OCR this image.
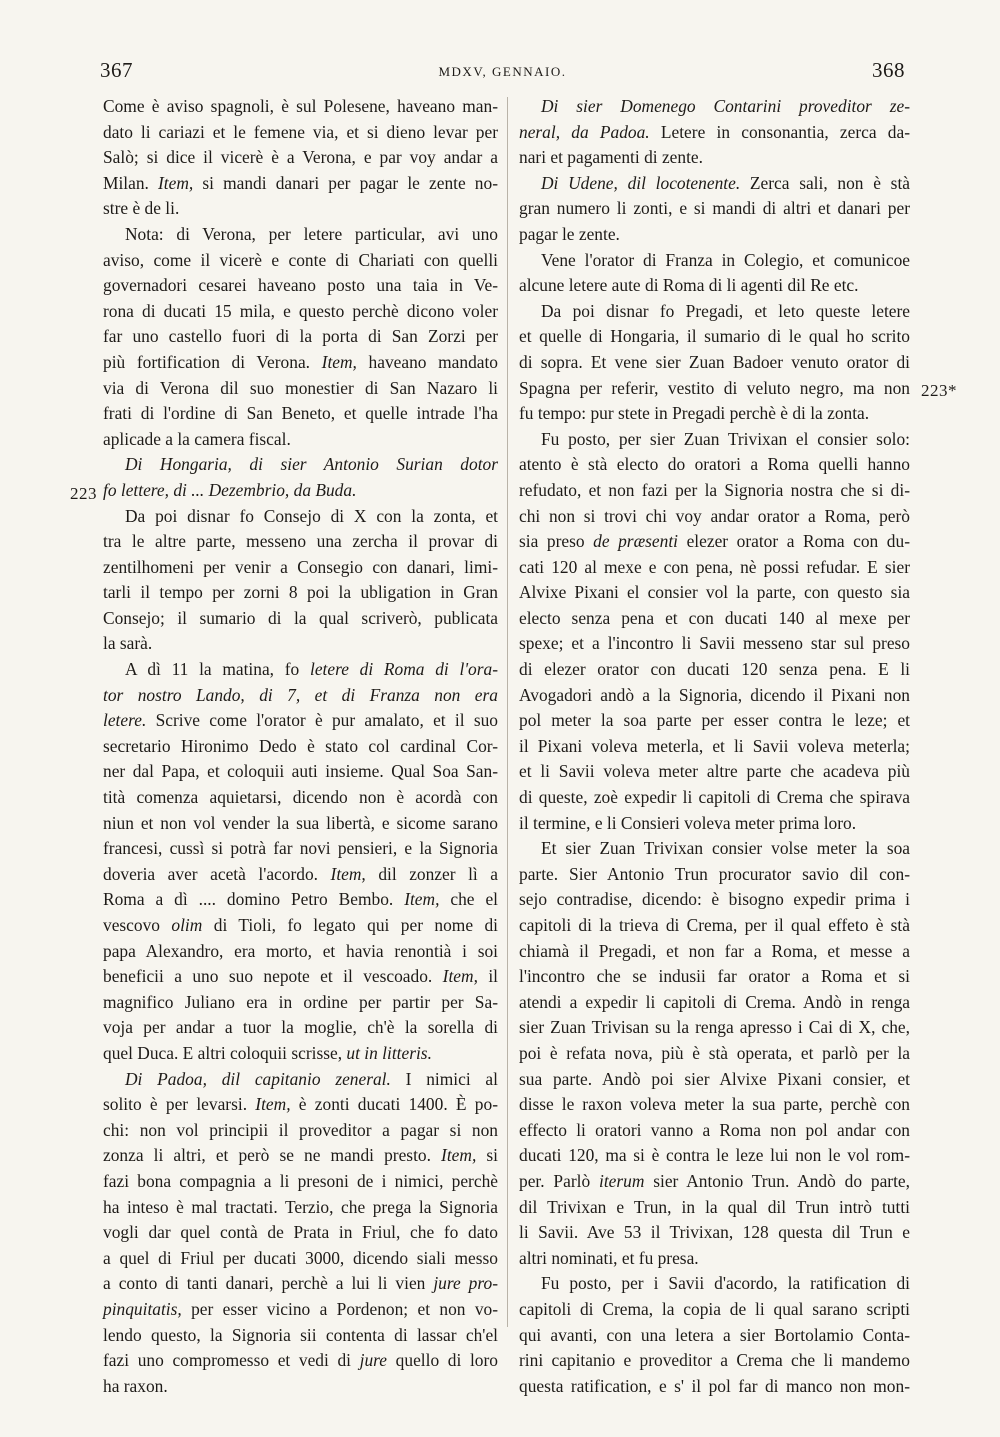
367	MDXV, GENNAIO.	368
Come è aviso spagnoli, è sul Polesene, haveano man-
dato li cariazi et le femene via, et si dieno levar per
Salò; si dice il vicerè è a Verona, e par voy andar a
Milan. Item, si mandi danari per pagar le zente no-
stre è de li.
Nota: di Verona, per letere particular, avi uno
aviso, come il vicerè e conte di Chariati con quelli
governadori cesarei haveano posto una taia in Ve-
rona di ducati 15 mila, e questo perchè dicono voler
far uno castello fuori di la porta di San Zorzi per
più fortification di Verona. Item, haveano mandato
via di Verona dil suo monestier di San Nazaro li
frati di l'ordine di San Beneto, et quelle intrade l'ha
aplicade a la camera fiscal.
Di Hongaria, di sier Antonio Surian dotor
fo lettere, di ... Dezembrio, da Buda.
Da poi disnar fo Consejo di X con la zonta, et
tra le altre parte, messeno una zercha il provar di
zentilhomeni per venir a Consegio con danari, limi-
tarli il tempo per zorni 8 poi la ubligation in Gran
Consejo; il sumario di la qual scriverò, publicata
la sarà.
A dì 11 la matina, fo letere di Roma di l'ora-
tor nostro Lando, di 7, et di Franza non era
letere. Scrive come l'orator è pur amalato, et il suo
secretario Hironimo Dedo è stato col cardinal Cor-
ner dal Papa, et coloquii auti insieme. Qual Soa San-
tità comenza aquietarsi, dicendo non è acordà con
niun et non vol vender la sua libertà, e sicome sarano
francesi, cussì si potrà far novi pensieri, e la Signoria
doveria aver acetà l'acordo. Item, dil zonzer lì a
Roma a dì .... domino Petro Bembo. Item, che el
vescovo olim di Tioli, fo legato qui per nome di
papa Alexandro, era morto, et havia renontià i soi
beneficii a uno suo nepote et il vescoado. Item, il
magnifico Juliano era in ordine per partir per Sa-
voja per andar a tuor la moglie, ch'è la sorella di
quel Duca. E altri coloquii scrisse, ut in litteris.
Di Padoa, dil capitanio zeneral. I nimici al
solito è per levarsi. Item, è zonti ducati 1400. È po-
chi: non vol principii il proveditor a pagar si non
zonza li altri, et però se ne mandi presto. Item, si
fazi bona compagnia a li presoni de i nimici, perchè
ha inteso è mal tractati. Terzio, che prega la Signoria
vogli dar quel contà de Prata in Friul, che fo dato
a quel di Friul per ducati 3000, dicendo siali messo
a conto di tanti danari, perchè a lui li vien jure pro-
pinquitatis, per esser vicino a Pordenon; et non vo-
lendo questo, la Signoria sii contenta di lassar ch'el
fazi uno compromesso et vedi di jure quello di loro
ha raxon.
Di sier Domenego Contarini proveditor ze-
neral, da Padoa. Letere in consonantia, zerca da-
nari et pagamenti di zente.
Di Udene, dil locotenente. Zerca sali, non è stà
gran numero li zonti, e si mandi di altri et danari per
pagar le zente.
Vene l'orator di Franza in Colegio, et comunicoe
alcune letere aute di Roma di li agenti dil Re etc.
Da poi disnar fo Pregadi, et leto queste letere
et quelle di Hongaria, il sumario di le qual ho scrito
di sopra. Et vene sier Zuan Badoer venuto orator di
Spagna per referir, vestito di veluto negro, ma non
fu tempo: pur stete in Pregadi perchè è di la zonta.
Fu posto, per sier Zuan Trivixan el consier solo:
atento è stà electo do oratori a Roma quelli hanno
refudato, et non fazi per la Signoria nostra che si di-
chi non si trovi chi voy andar orator a Roma, però
sia preso de præsenti elezer orator a Roma con du-
cati 120 al mexe e con pena, nè possi refudar. E sier
Alvixe Pixani el consier vol la parte, con questo sia
electo senza pena et con ducati 140 al mexe per
spexe; et a l'incontro li Savii messeno star sul preso
di elezer orator con ducati 120 senza pena. E li
Avogadori andò a la Signoria, dicendo il Pixani non
pol meter la soa parte per esser contra le leze; et
il Pixani voleva meterla, et li Savii voleva meterla;
et li Savii voleva meter altre parte che acadeva più
di queste, zoè expedir li capitoli di Crema che spirava
il termine, e li Consieri voleva meter prima loro.
Et sier Zuan Trivixan consier volse meter la soa
parte. Sier Antonio Trun procurator savio dil con-
sejo contradise, dicendo: è bisogno expedir prima i
capitoli di la trieva di Crema, per il qual effeto è stà
chiamà il Pregadi, et non far a Roma, et messe a
l'incontro che se indusii far orator a Roma et si
atendi a expedir li capitoli di Crema. Andò in renga
sier Zuan Trivisan su la renga apresso i Cai di X, che,
poi è refata nova, più è stà operata, et parlò per la
sua parte. Andò poi sier Alvixe Pixani consier, et
disse le raxon voleva meter la sua parte, perchè con
effecto li oratori vanno a Roma non pol andar con
ducati 120, ma si è contra le leze lui non le vol rom-
per. Parlò iterum sier Antonio Trun. Andò do parte,
dil Trivixan e Trun, in la qual dil Trun intrò tutti
li Savii. Ave 53 il Trivixan, 128 questa dil Trun e
altri nominati, et fu presa.
Fu posto, per i Savii d'acordo, la ratification di
capitoli di Crema, la copia de li qual sarano scripti
qui avanti, con una letera a sier Bortolamio Conta-
rini capitanio e proveditor a Crema che li mandemo
questa ratification, e s' il pol far di manco non mon-
223
223*
